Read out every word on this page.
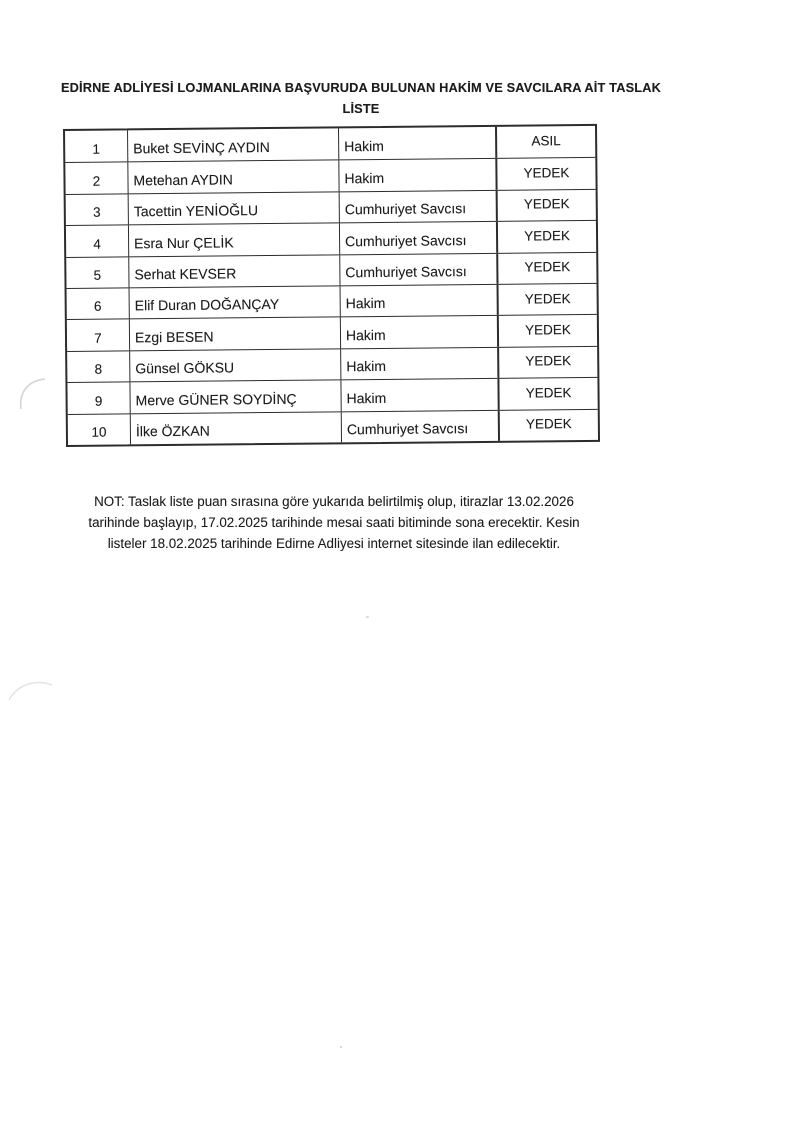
EDİRNE ADLİYESİ LOJMANLARINA BAŞVURUDA BULUNAN HAKİM VE SAVCILARA AİT TASLAK
LİSTE
1	Buket SEVİNÇ AYDIN	Hakim	ASIL
2	Metehan AYDIN	Hakim	YEDEK
3	Tacettin YENİOĞLU	Cumhuriyet Savcısı	YEDEK
4	Esra Nur ÇELİK	Cumhuriyet Savcısı	YEDEK
5	Serhat KEVSER	Cumhuriyet Savcısı	YEDEK
6	Elif Duran DOĞANÇAY	Hakim	YEDEK
7	Ezgi BESEN	Hakim	YEDEK
8	Günsel GÖKSU	Hakim	YEDEK
9	Merve GÜNER SOYDİNÇ	Hakim	YEDEK
10	İlke ÖZKAN	Cumhuriyet Savcısı	YEDEK
NOT: Taslak liste puan sırasına göre yukarıda belirtilmiş olup, itirazlar 13.02.2026
tarihinde başlayıp, 17.02.2025 tarihinde mesai saati bitiminde sona erecektir. Kesin
listeler 18.02.2025 tarihinde Edirne Adliyesi internet sitesinde ilan edilecektir.
